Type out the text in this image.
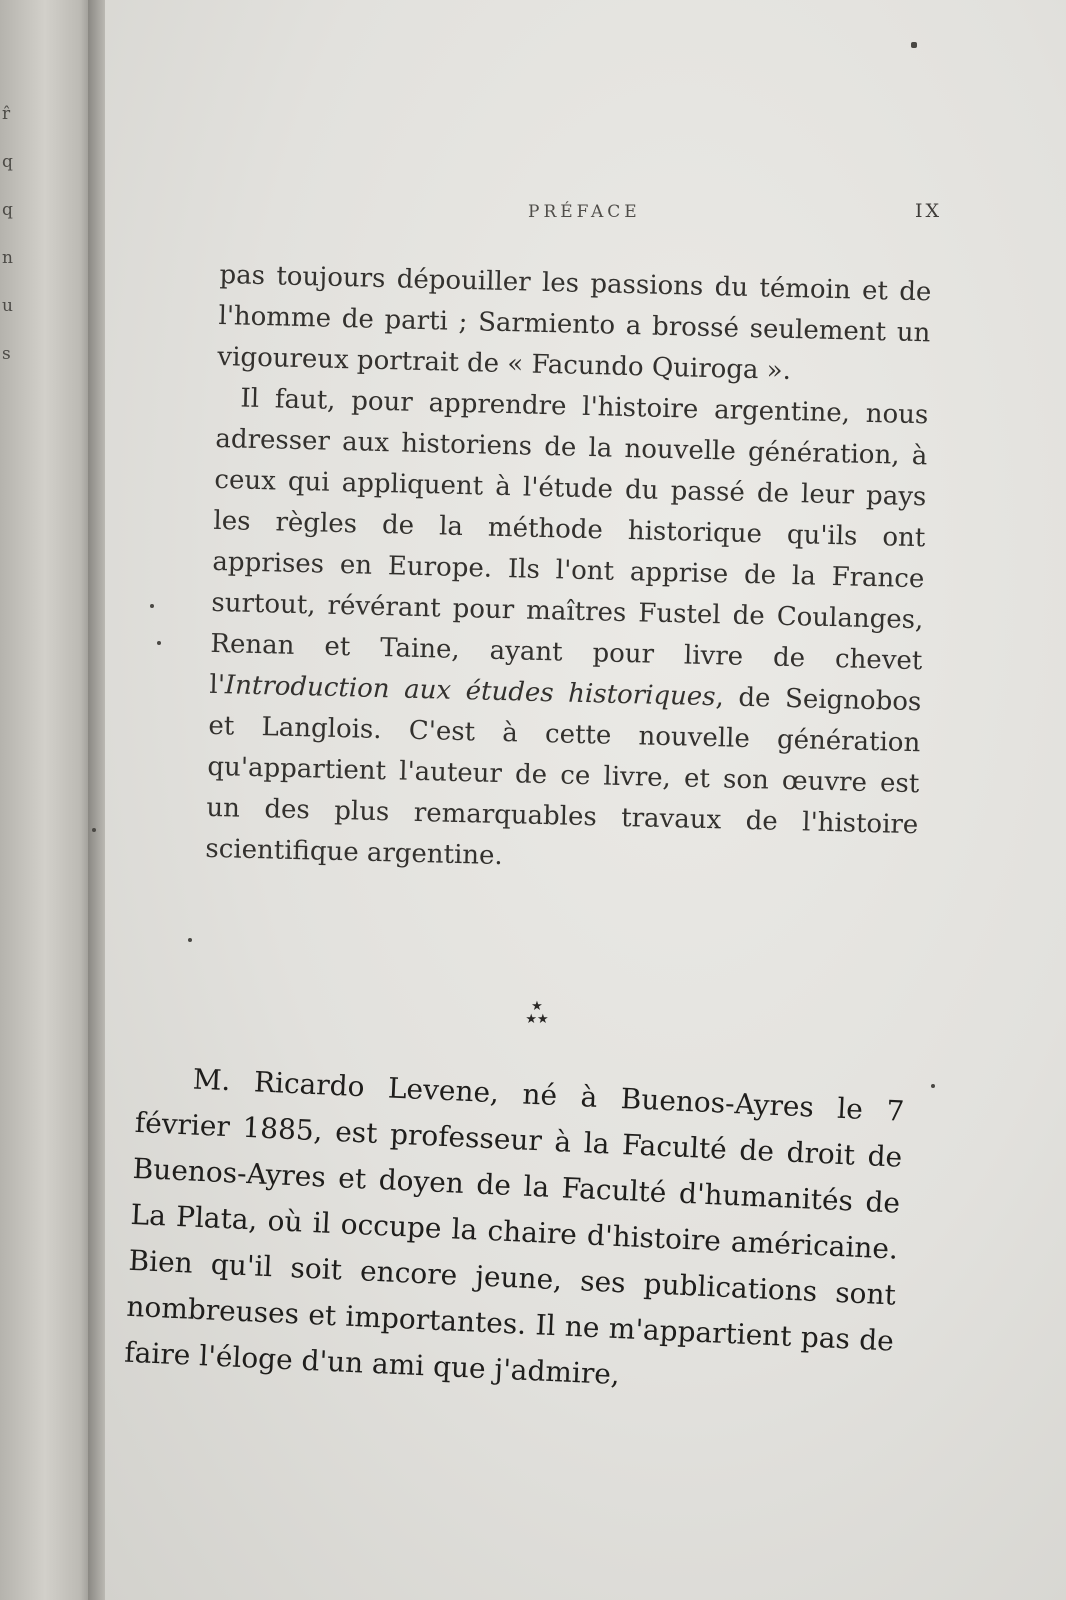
r̂
q
q
n
u
s
PRÉFACE	IX

pas toujours dépouiller les passions du témoin et de l'homme de parti ; Sarmiento a brossé seulement un vigoureux portrait de « Facundo Quiroga ».

Il faut, pour apprendre l'histoire argentine, nous adresser aux historiens de la nouvelle génération, à ceux qui appliquent à l'étude du passé de leur pays les règles de la méthode historique qu'ils ont apprises en Europe. Ils l'ont apprise de la France surtout, révérant pour maîtres Fustel de Coulanges, Renan et Taine, ayant pour livre de chevet l'Introduction aux études historiques, de Seignobos et Langlois. C'est à cette nouvelle génération qu'appartient l'auteur de ce livre, et son œuvre est un des plus remarquables travaux de l'histoire scientifique argentine.

★
★★

M. Ricardo Levene, né à Buenos-Ayres le 7 février 1885, est professeur à la Faculté de droit de Buenos-Ayres et doyen de la Faculté d'humanités de La Plata, où il occupe la chaire d'histoire américaine. Bien qu'il soit encore jeune, ses publications sont nombreuses et importantes. Il ne m'appartient pas de faire l'éloge d'un ami que j'admire,
